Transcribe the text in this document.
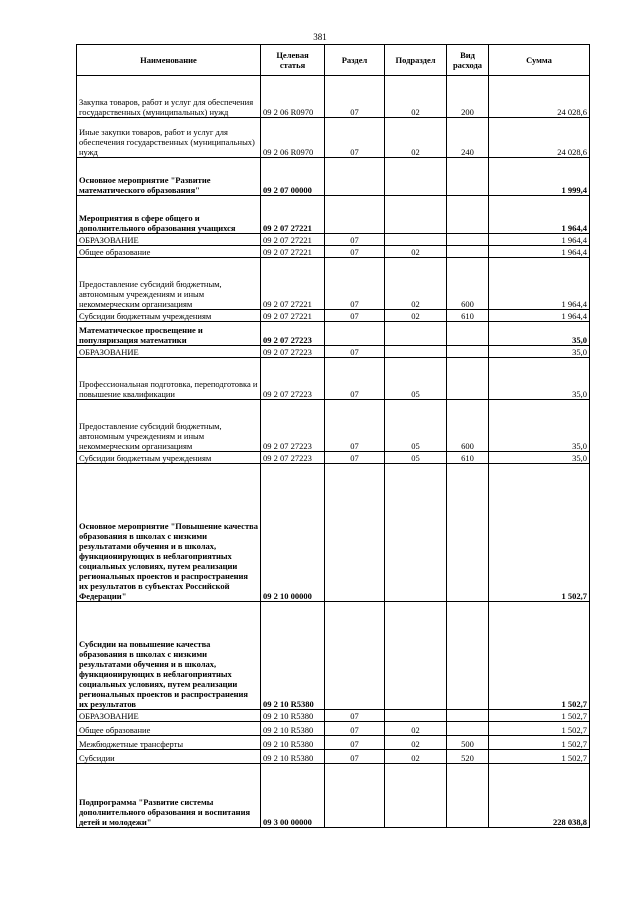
381
Наименование	Целевая статья	Раздел	Подраздел	Вид расхода	Сумма
Закупка товаров, работ и услуг для обеспечения государственных (муниципальных) нужд	09 2 06 R0970	07	02	200	24 028,6
Иные закупки товаров, работ и услуг для обеспечения государственных (муниципальных) нужд	09 2 06 R0970	07	02	240	24 028,6
Основное мероприятие "Развитие математического образования"	09 2 07 00000				1 999,4
Мероприятия в сфере общего и дополнительного образования учащихся	09 2 07 27221				1 964,4
ОБРАЗОВАНИЕ	09 2 07 27221	07			1 964,4
Общее образование	09 2 07 27221	07	02		1 964,4
Предоставление субсидий бюджетным, автономным учреждениям и иным некоммерческим организациям	09 2 07 27221	07	02	600	1 964,4
Субсидии бюджетным учреждениям	09 2 07 27221	07	02	610	1 964,4
Математическое просвещение и популяризация математики	09 2 07 27223				35,0
ОБРАЗОВАНИЕ	09 2 07 27223	07			35,0
Профессиональная подготовка, переподготовка и повышение квалификации	09 2 07 27223	07	05		35,0
Предоставление субсидий бюджетным, автономным учреждениям и иным некоммерческим организациям	09 2 07 27223	07	05	600	35,0
Субсидии бюджетным учреждениям	09 2 07 27223	07	05	610	35,0
Основное мероприятие "Повышение качества образования в школах с низкими результатами обучения и в школах, функционирующих в неблагоприятных социальных условиях, путем реализации региональных проектов и распространения их результатов в субъектах Российской Федерации"	09 2 10 00000				1 502,7
Субсидии на повышение качества образования в школах с низкими результатами обучения и в школах, функционирующих в неблагоприятных социальных условиях, путем реализации региональных проектов и распространения их результатов	09 2 10 R5380				1 502,7
ОБРАЗОВАНИЕ	09 2 10 R5380	07			1 502,7
Общее образование	09 2 10 R5380	07	02		1 502,7
Межбюджетные трансферты	09 2 10 R5380	07	02	500	1 502,7
Субсидии	09 2 10 R5380	07	02	520	1 502,7
Подпрограмма "Развитие системы дополнительного образования и воспитания детей и молодежи"	09 3 00 00000				228 038,8
